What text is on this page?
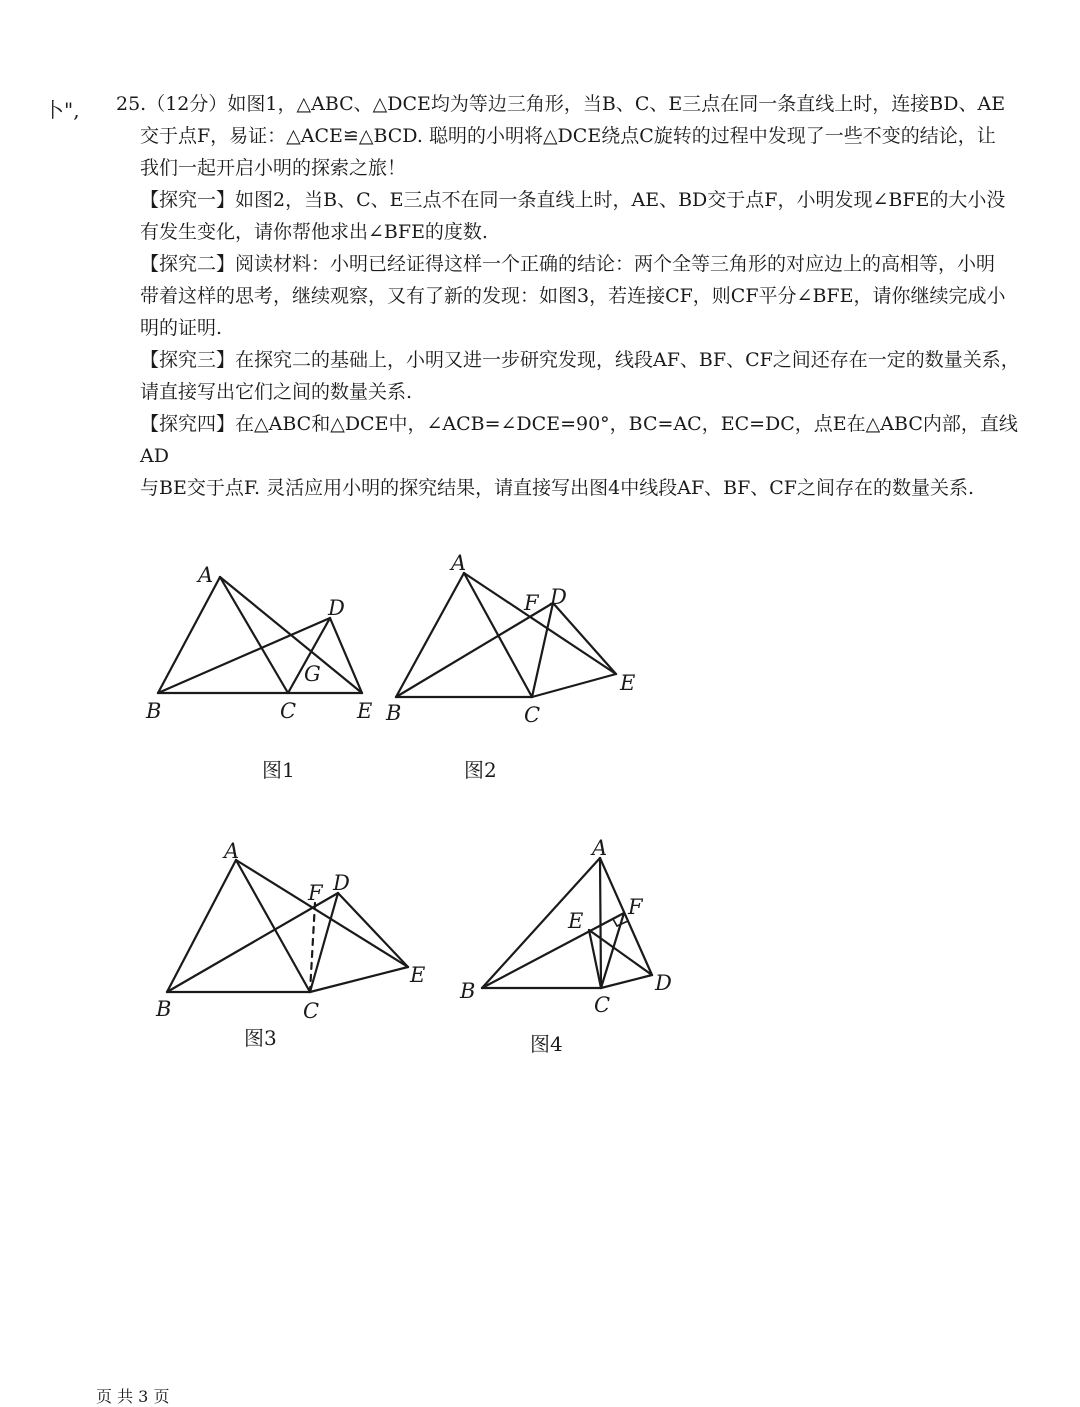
卜", 25.（12分）如图1，△ABC、△DCE均为等边三角形，当B、C、E三点在同一条直线上时，连接BD、AE

交于点F，易证：△ACE≌△BCD. 聪明的小明将△DCE绕点C旋转的过程中发现了一些不变的结论，让

我们一起开启小明的探索之旅！

【探究一】如图2，当B、C、E三点不在同一条直线上时，AE、BD交于点F，小明发现∠BFE的大小没

有发生变化，请你帮他求出∠BFE的度数.

【探究二】阅读材料：小明已经证得这样一个正确的结论：两个全等三角形的对应边上的高相等，小明

带着这样的思考，继续观察，又有了新的发现：如图3，若连接CF，则CF平分∠BFE，请你继续完成小

明的证明.

【探究三】在探究二的基础上，小明又进一步研究发现，线段AF、BF、CF之间还存在一定的数量关系，

请直接写出它们之间的数量关系.

【探究四】在△ABC和△DCE中，∠ACB=∠DCE=90°，BC=AC，EC=DC，点E在△ABC内部，直线AD

与BE交于点F. 灵活应用小明的探究结果，请直接写出图4中线段AF、BF、CF之间存在的数量关系.

A
B	C
D
E
G
图1
A
B	C
D
E
F
图2
A
B	C
D
E
F
图3
A
B
C
D
E
F
图4
页 共 3 页
